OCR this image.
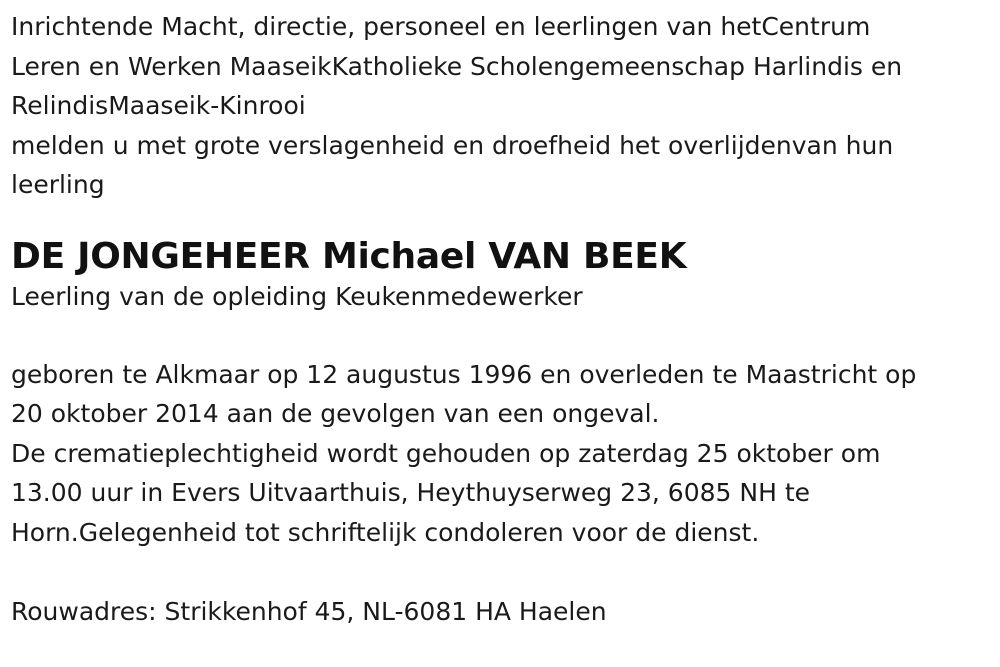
Inrichtende Macht, directie, personeel en leerlingen van hetCentrum
Leren en Werken MaaseikKatholieke Scholengemeenschap Harlindis en
RelindisMaaseik-Kinrooi
melden u met grote verslagenheid en droefheid het overlijdenvan hun
leerling
DE JONGEHEER Michael VAN BEEK
Leerling van de opleiding Keukenmedewerker
geboren te Alkmaar op 12 augustus 1996 en overleden te Maastricht op
20 oktober 2014 aan de gevolgen van een ongeval.
De crematieplechtigheid wordt gehouden op zaterdag 25 oktober om
13.00 uur in Evers Uitvaarthuis, Heythuyserweg 23, 6085 NH te
Horn.Gelegenheid tot schriftelijk condoleren voor de dienst.
Rouwadres: Strikkenhof 45, NL-6081 HA Haelen
